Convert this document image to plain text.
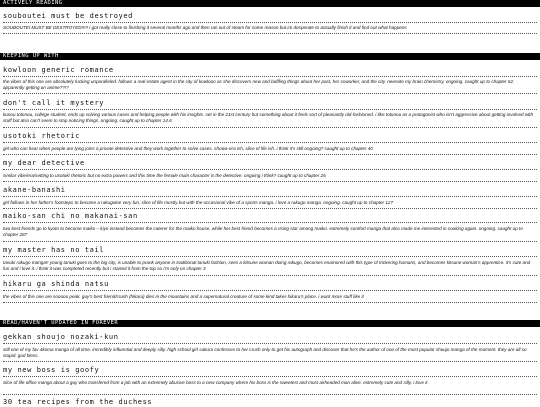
ACTIVELY READING
souboutei must be destroyed
SOUBOUTEI MUST BE DESTROYED!!!!! i got really close to finishing it several months ago and then ran out of steam for some reason but im desperate to actually finish it and find out what happens
KEEPING UP WITH
kowloon generic romance
the vibes of this one are absolutely fucking unparalleled. follows a real estate agent in the city of kowloon as she discovers new and baffling things about her past, her coworker, and the city. neeroite my brain chemistry. ongoing. caught up to chapter 62. apparently getting an anime??!?
don't call it mystery
kunou totonou, college student, ends up solving various cases and helping people with his insights. set in the 21st century but something about it feels sort of pleasantly old-fashioned. i like totonou as a protagonist who isn't aggressive about getting involved with stuff but also can't seem to stop noticing things. ongoing. caught up to chapter 14.6
usotoki rhetoric
girl who can hear when people are lying joins a private detective and they work together to solve cases. showa-era ish, slice of life ish. i think it's still ongoing? caught up to chapter 40
my dear detective
similar vibe/era/setting to usotoki rhetoric but no extra powers and this time the female main character is the detective. ongoing i think? caught up to chapter 26
akane-banashi
girl follows in her father's footsteps to become a rakugoka! very fun, slice of life mostly but with the occasional vibe of a sports manga. i love a rakugo manga. ongoing. caught up to chapter 127
maiko-san chi no makanai-san
two best friends go to kyoto to become maiko – kiyo instead becomes the caterer for the maiko house, while her best friend becomes a rising star among maiko. extremely comfort manga that also made me interested in cooking again. ongoing. caught up to chapter 287
my master has no tail
tanuki rakugo manga!! young tanuki goes to the big city, is unable to prank anyone in traditional tanuki fashion, sees a kitsune woman doing rakugo, becomes enamored with this type of trickering humans, and becomes kitsune woman's apprentice. it's cute and fun and i love it. i think it was completed recently but i started it from the top so i'm only on chapter 3
hikaru ga shinda natsu
the vibes of this one are sooooo peak. guy's best friend/crush (hikaru) dies in the mountains and a supernatural creature of some kind takes hikaru's place. i want more stuff like it
READ/HAVEN'T UPDATED IN FOREVER
gekkan shoujo nozaki-kun
still one of my fav 4koma manga of all time. incredibly influential and deeply silly. high school girl sakura confesses to her crush only to get his autograph and discover that he's the author of one of the most popular shoujo manga of the moment. they are all so stupid. god bless.
my new boss is goofy
slice of life office manga about a guy who transfered from a job with an extremely abusive boss to a new company where his boss is the sweetest and most airheaded man alive. extremely cute and silly. i love it
30 tea recipes from the duchess
